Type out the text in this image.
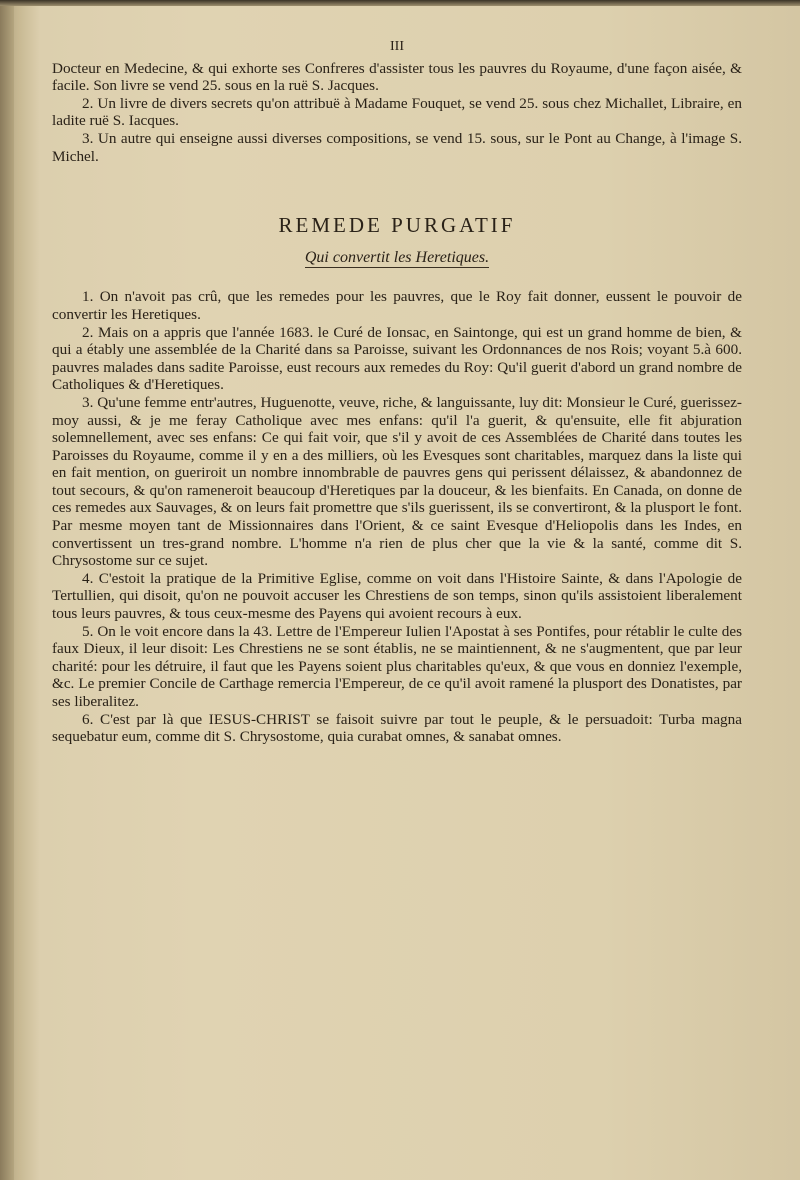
III

Docteur en Medecine, & qui exhorte ses Confreres d'assister tous les pauvres du Royaume, d'une façon aisée, & facile. Son livre se vend 25. sous en la ruë S. Jacques.

2. Un livre de divers secrets qu'on attribuë à Madame Fouquet, se vend 25. sous chez Michallet, Libraire, en ladite ruë S. Iacques.

3. Un autre qui enseigne aussi diverses compositions, se vend 15. sous, sur le Pont au Change, à l'image S. Michel.

REMEDE PURGATIF
Qui convertit les Heretiques.

1. On n'avoit pas crû, que les remedes pour les pauvres, que le Roy fait donner, eussent le pouvoir de convertir les Heretiques.

2. Mais on a appris que l'année 1683. le Curé de Ionsac, en Saintonge, qui est un grand homme de bien, & qui a étably une assemblée de la Charité dans sa Paroisse, suivant les Ordonnances de nos Rois; voyant 5.à 600. pauvres malades dans sadite Paroisse, eust recours aux remedes du Roy: Qu'il guerit d'abord un grand nombre de Catholiques & d'Heretiques.

3. Qu'une femme entr'autres, Huguenotte, veuve, riche, & languissante, luy dit: Monsieur le Curé, guerissez-moy aussi, & je me feray Catholique avec mes enfans: qu'il l'a guerit, & qu'ensuite, elle fit abjuration solemnellement, avec ses enfans: Ce qui fait voir, que s'il y avoit de ces Assemblées de Charité dans toutes les Paroisses du Royaume, comme il y en a des milliers, où les Evesques sont charitables, marquez dans la liste qui en fait mention, on gueriroit un nombre innombrable de pauvres gens qui perissent délaissez, & abandonnez de tout secours, & qu'on rameneroit beaucoup d'Heretiques par la douceur, & les bienfaits. En Canada, on donne de ces remedes aux Sauvages, & on leurs fait promettre que s'ils guerissent, ils se convertiront, & la plusport le font. Par mesme moyen tant de Missionnaires dans l'Orient, & ce saint Evesque d'Heliopolis dans les Indes, en convertissent un tres-grand nombre. L'homme n'a rien de plus cher que la vie & la santé, comme dit S. Chrysostome sur ce sujet.

4. C'estoit la pratique de la Primitive Eglise, comme on voit dans l'Histoire Sainte, & dans l'Apologie de Tertullien, qui disoit, qu'on ne pouvoit accuser les Chrestiens de son temps, sinon qu'ils assistoient liberalement tous leurs pauvres, & tous ceux-mesme des Payens qui avoient recours à eux.

5. On le voit encore dans la 43. Lettre de l'Empereur Iulien l'Apostat à ses Pontifes, pour rétablir le culte des faux Dieux, il leur disoit: Les Chrestiens ne se sont établis, ne se maintiennent, & ne s'augmentent, que par leur charité: pour les détruire, il faut que les Payens soient plus charitables qu'eux, & que vous en donniez l'exemple, &c. Le premier Concile de Carthage remercia l'Empereur, de ce qu'il avoit ramené la plusport des Donatistes, par ses liberalitez.

6. C'est par là que IESUS-CHRIST se faisoit suivre par tout le peuple, & le persuadoit: Turba magna sequebatur eum, comme dit S. Chrysostome, quia curabat omnes, & sanabat omnes.
